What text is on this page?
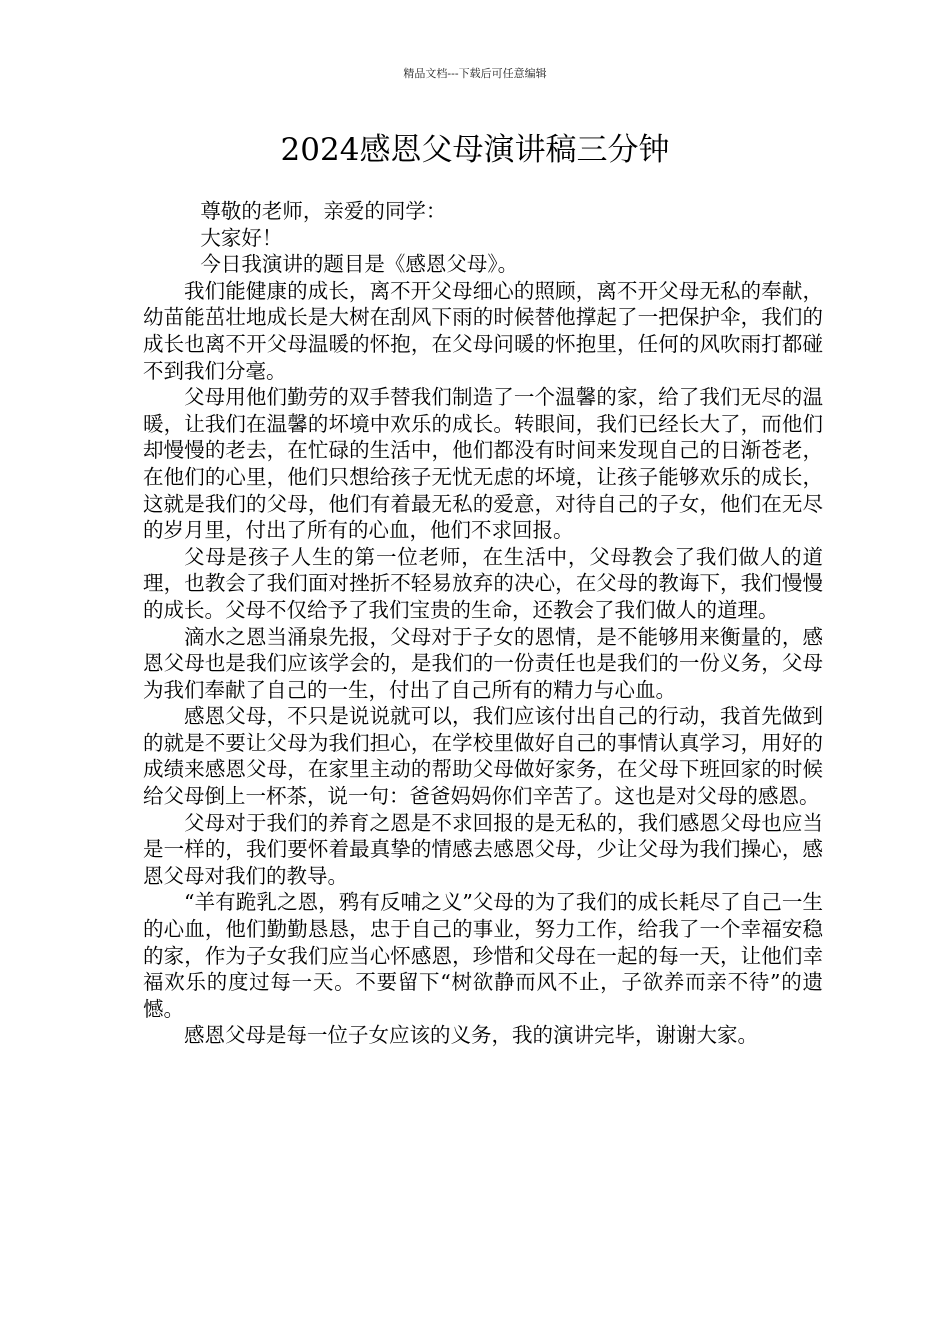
精品文档---下载后可任意编辑
2024感恩父母演讲稿三分钟

尊敬的老师，亲爱的同学：

大家好！

今日我演讲的题目是《感恩父母》。

我们能健康的成长，离不开父母细心的照顾，离不开父母无私的奉献，幼苗能茁壮地成长是大树在刮风下雨的时候替他撑起了一把保护伞，我们的成长也离不开父母温暖的怀抱，在父母问暖的怀抱里，任何的风吹雨打都碰不到我们分毫。

父母用他们勤劳的双手替我们制造了一个温馨的家，给了我们无尽的温暖，让我们在温馨的坏境中欢乐的成长。转眼间，我们已经长大了，而他们却慢慢的老去，在忙碌的生活中，他们都没有时间来发现自己的日渐苍老，在他们的心里，他们只想给孩子无忧无虑的坏境，让孩子能够欢乐的成长，这就是我们的父母，他们有着最无私的爱意，对待自己的子女，他们在无尽的岁月里，付出了所有的心血，他们不求回报。

父母是孩子人生的第一位老师，在生活中，父母教会了我们做人的道理，也教会了我们面对挫折不轻易放弃的决心，在父母的教诲下，我们慢慢的成长。父母不仅给予了我们宝贵的生命，还教会了我们做人的道理。

滴水之恩当涌泉先报，父母对于子女的恩情，是不能够用来衡量的，感恩父母也是我们应该学会的，是我们的一份责任也是我们的一份义务，父母为我们奉献了自己的一生，付出了自己所有的精力与心血。

感恩父母，不只是说说就可以，我们应该付出自己的行动，我首先做到的就是不要让父母为我们担心，在学校里做好自己的事情认真学习，用好的成绩来感恩父母，在家里主动的帮助父母做好家务，在父母下班回家的时候给父母倒上一杯茶，说一句：爸爸妈妈你们辛苦了。这也是对父母的感恩。

父母对于我们的养育之恩是不求回报的是无私的，我们感恩父母也应当是一样的，我们要怀着最真挚的情感去感恩父母，少让父母为我们操心，感恩父母对我们的教导。

“羊有跪乳之恩，鸦有反哺之义”父母的为了我们的成长耗尽了自己一生的心血，他们勤勤恳恳，忠于自己的事业，努力工作，给我了一个幸福安稳的家，作为子女我们应当心怀感恩，珍惜和父母在一起的每一天，让他们幸福欢乐的度过每一天。不要留下“树欲静而风不止，子欲养而亲不待”的遗憾。

感恩父母是每一位子女应该的义务，我的演讲完毕，谢谢大家。
